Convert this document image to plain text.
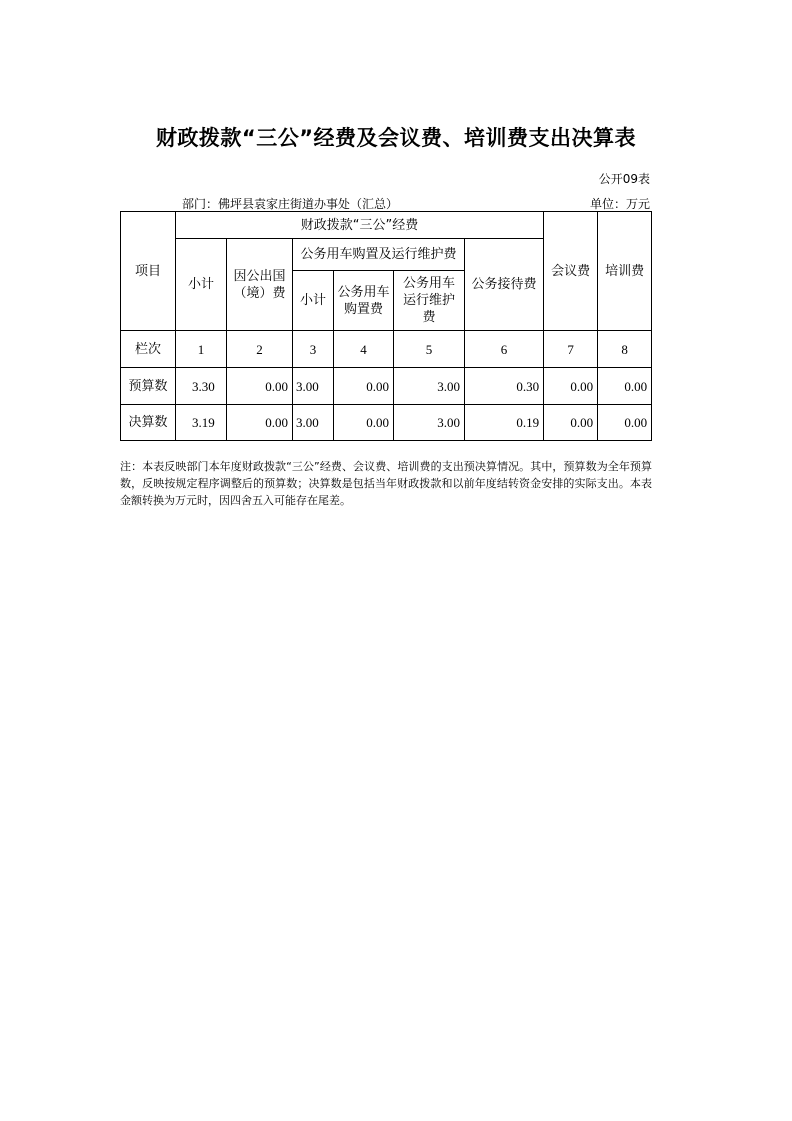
财政拨款“三公”经费及会议费、培训费支出决算表
公开09表
部门：佛坪县袁家庄街道办事处（汇总）	单位：万元
项目	财政拨款“三公”经费						会议费	培训费
	小计	因公出国（境）费	公务用车购置及运行维护费			公务接待费		
			小计	公务用车购置费	公务用车运行维护费			
栏次	1	2	3	4	5	6	7	8
预算数	3.30	0.00	3.00	0.00	3.00	0.30	0.00	0.00
决算数	3.19	0.00	3.00	0.00	3.00	0.19	0.00	0.00
注：本表反映部门本年度财政拨款“三公”经费、会议费、培训费的支出预决算情况。其中，预算数为全年预算数，反映按规定程序调整后的预算数；决算数是包括当年财政拨款和以前年度结转资金安排的实际支出。本表金额转换为万元时，因四舍五入可能存在尾差。
